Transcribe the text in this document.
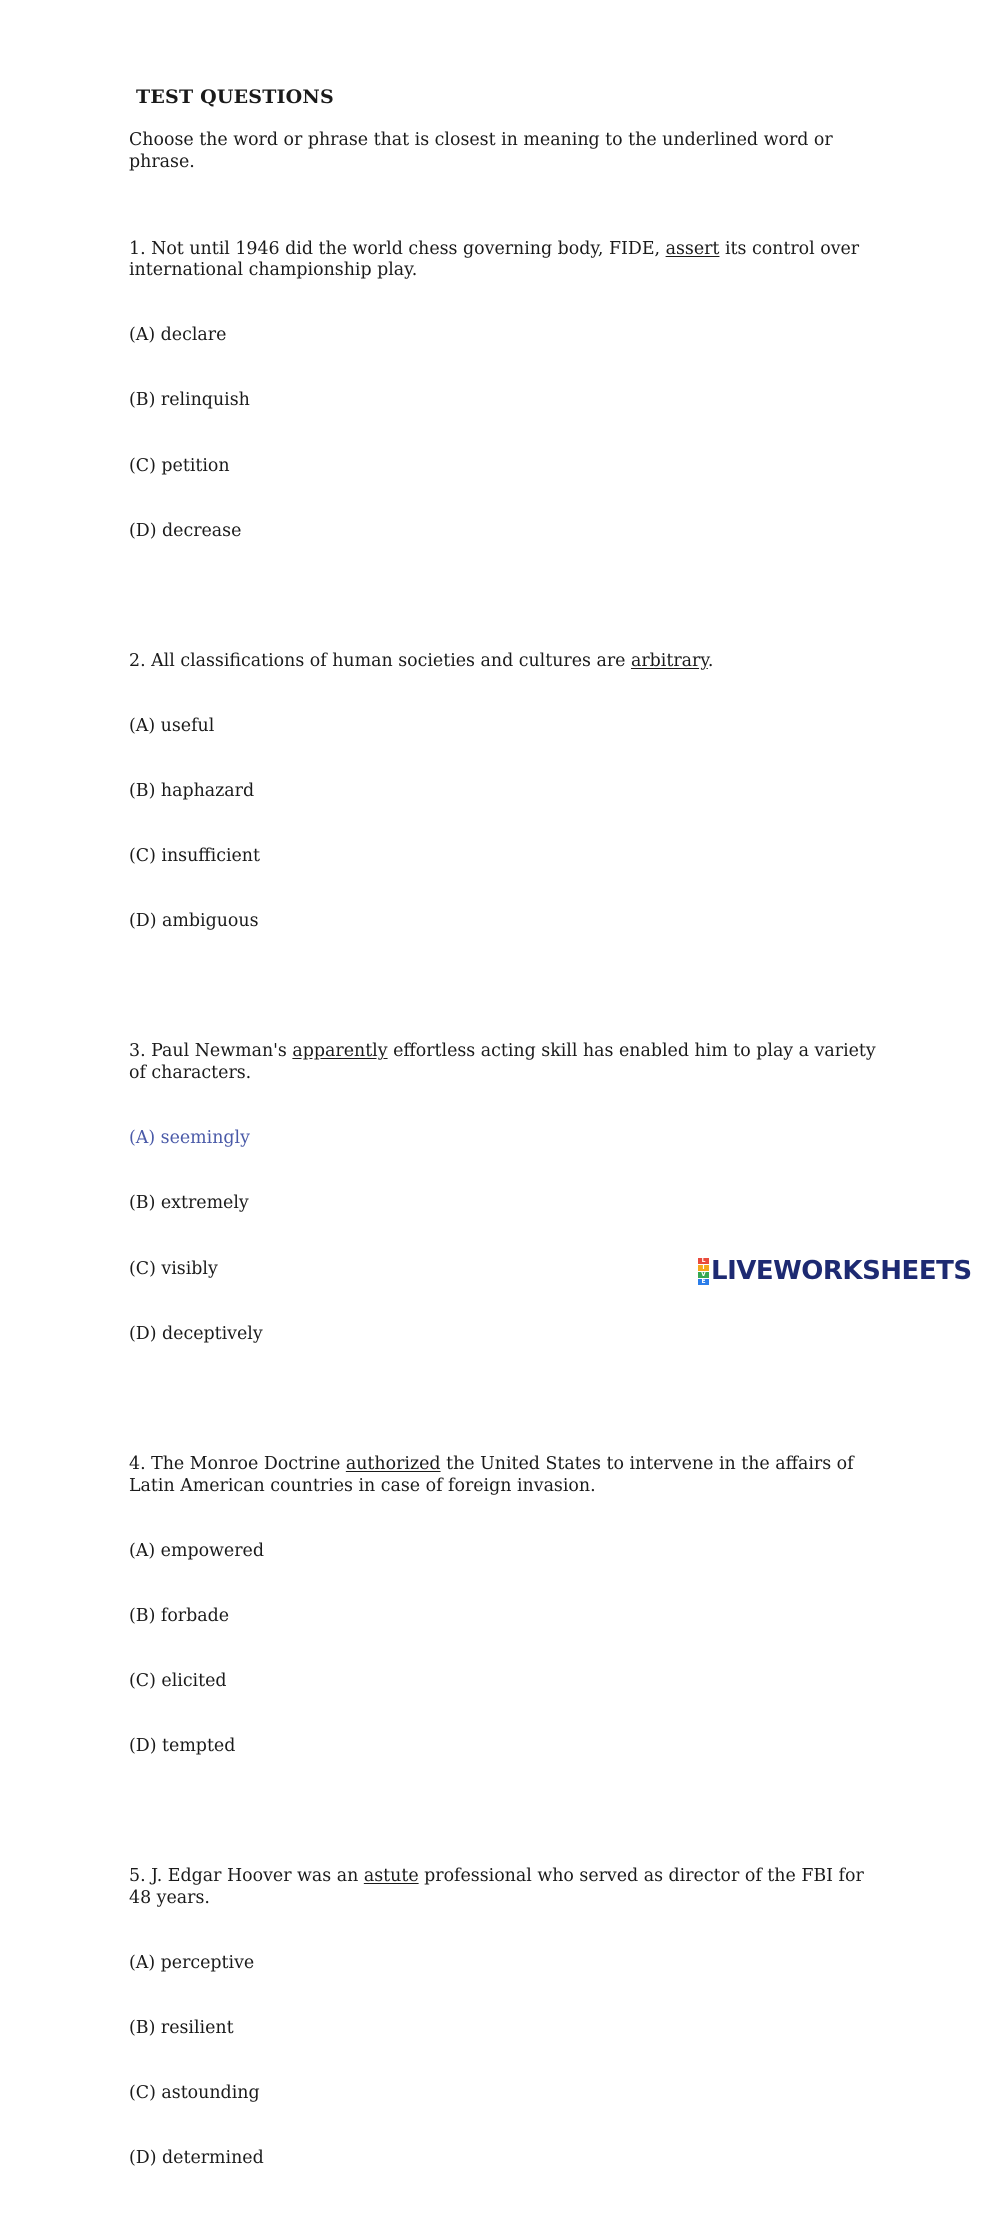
TEST QUESTIONS
Choose the word or phrase that is closest in meaning to the underlined word or phrase.

1. Not until 1946 did the world chess governing body, FIDE, assert its control over international championship play.

(A) declare

(B) relinquish

(C) petition

(D) decrease

2. All classifications of human societies and cultures are arbitrary.

(A) useful

(B) haphazard

(C) insufficient

(D) ambiguous

3. Paul Newman's apparently effortless acting skill has enabled him to play a variety of characters.

(A) seemingly

(B) extremely

(C) visibly

(D) deceptively

4. The Monroe Doctrine authorized the United States to intervene in the affairs of Latin American countries in case of foreign invasion.

(A) empowered

(B) forbade

(C) elicited

(D) tempted

5. J. Edgar Hoover was an astute professional who served as director of the FBI for 48 years.

(A) perceptive

(B) resilient

(C) astounding

(D) determined

L
I
V
E LIVEWORKSHEETS
